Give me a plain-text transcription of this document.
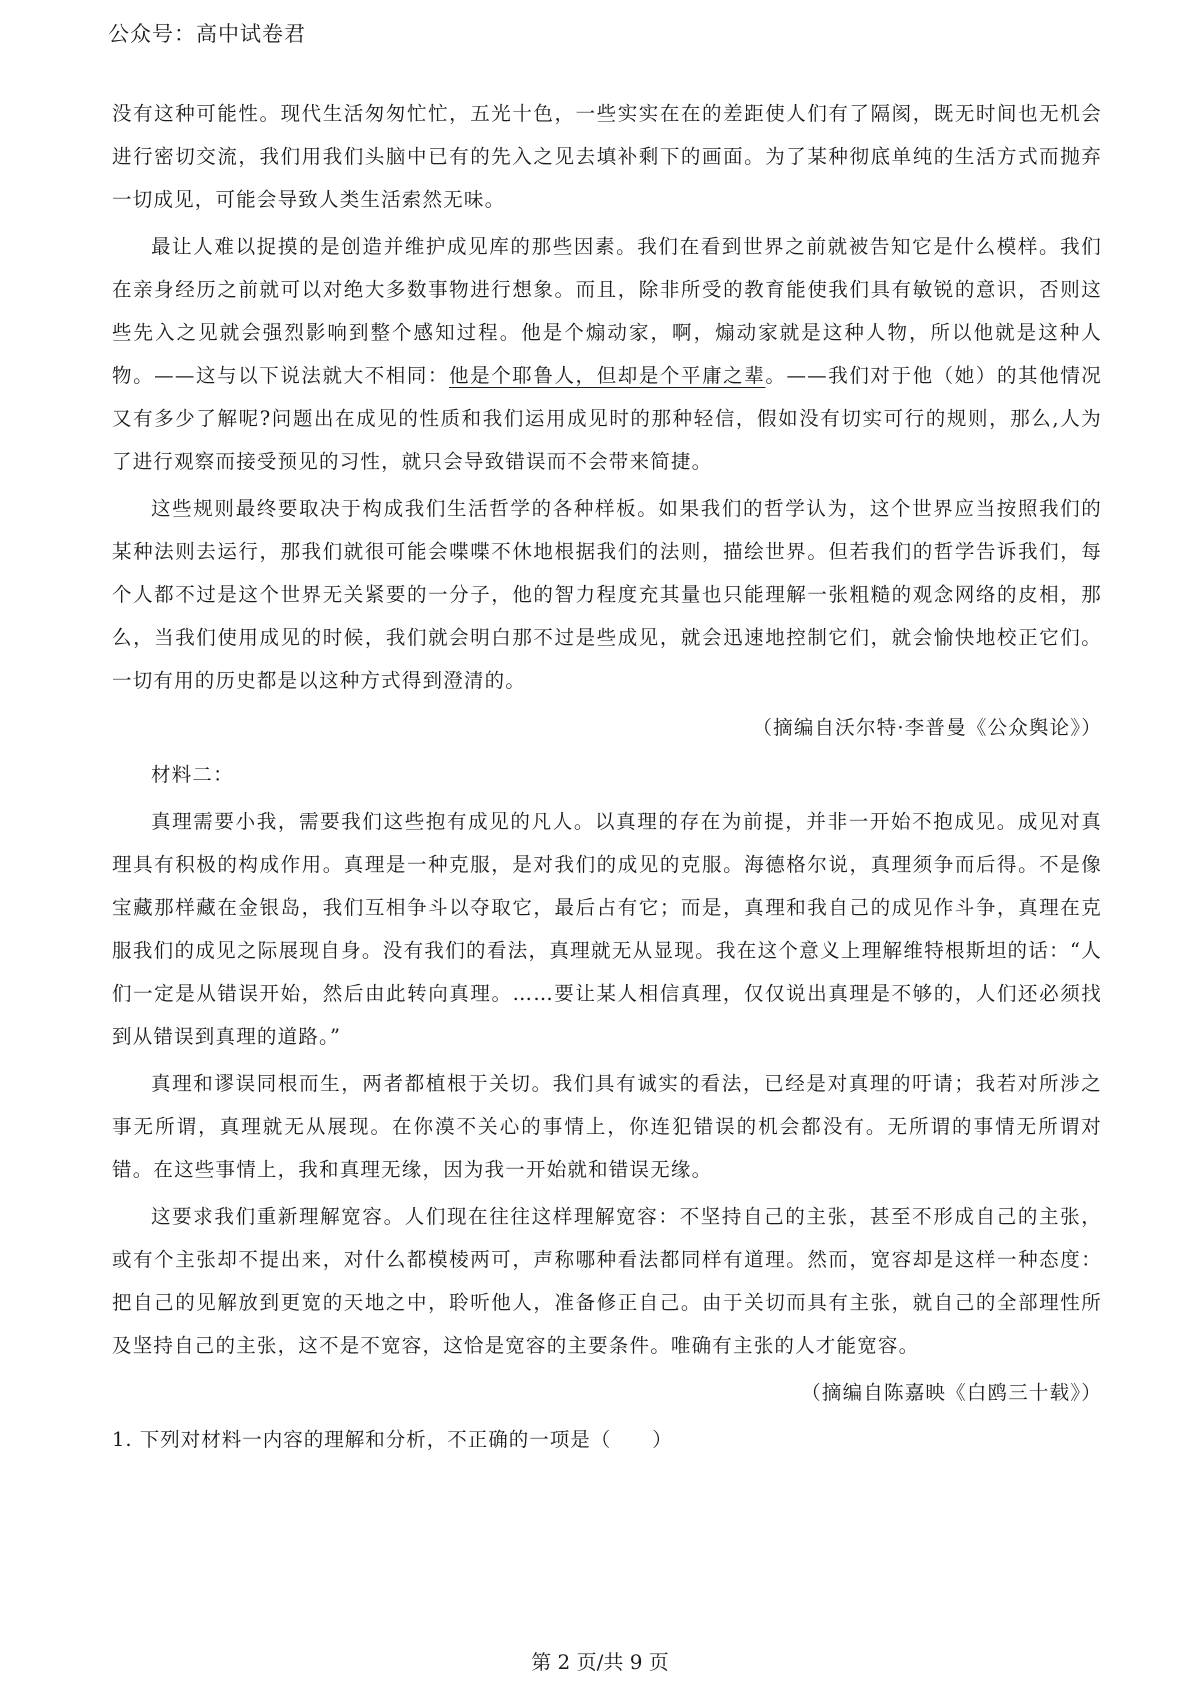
公众号：高中试卷君

没有这种可能性。现代生活匆匆忙忙，五光十色，一些实实在在的差距使人们有了隔阂，既无时间也无机会进行密切交流，我们用我们头脑中已有的先入之见去填补剩下的画面。为了某种彻底单纯的生活方式而抛弃一切成见，可能会导致人类生活索然无味。

最让人难以捉摸的是创造并维护成见库的那些因素。我们在看到世界之前就被告知它是什么模样。我们在亲身经历之前就可以对绝大多数事物进行想象。而且，除非所受的教育能使我们具有敏锐的意识，否则这些先入之见就会强烈影响到整个感知过程。他是个煽动家，啊，煽动家就是这种人物，所以他就是这种人物。——这与以下说法就大不相同：他是个耶鲁人，但却是个平庸之辈。——我们对于他（她）的其他情况又有多少了解呢?问题出在成见的性质和我们运用成见时的那种轻信，假如没有切实可行的规则，那么,人为了进行观察而接受预见的习性，就只会导致错误而不会带来简捷。

这些规则最终要取决于构成我们生活哲学的各种样板。如果我们的哲学认为，这个世界应当按照我们的某种法则去运行，那我们就很可能会喋喋不休地根据我们的法则，描绘世界。但若我们的哲学告诉我们，每个人都不过是这个世界无关紧要的一分子，他的智力程度充其量也只能理解一张粗糙的观念网络的皮相，那么，当我们使用成见的时候，我们就会明白那不过是些成见，就会迅速地控制它们，就会愉快地校正它们。一切有用的历史都是以这种方式得到澄清的。

（摘编自沃尔特·李普曼《公众舆论》）

材料二：

真理需要小我，需要我们这些抱有成见的凡人。以真理的存在为前提，并非一开始不抱成见。成见对真理具有积极的构成作用。真理是一种克服，是对我们的成见的克服。海德格尔说，真理须争而后得。不是像宝藏那样藏在金银岛，我们互相争斗以夺取它，最后占有它；而是，真理和我自己的成见作斗争，真理在克服我们的成见之际展现自身。没有我们的看法，真理就无从显现。我在这个意义上理解维特根斯坦的话：“人们一定是从错误开始，然后由此转向真理。……要让某人相信真理，仅仅说出真理是不够的，人们还必须找到从错误到真理的道路。”

真理和谬误同根而生，两者都植根于关切。我们具有诚实的看法，已经是对真理的吁请；我若对所涉之事无所谓，真理就无从展现。在你漠不关心的事情上，你连犯错误的机会都没有。无所谓的事情无所谓对错。在这些事情上，我和真理无缘，因为我一开始就和错误无缘。

这要求我们重新理解宽容。人们现在往往这样理解宽容：不坚持自己的主张，甚至不形成自己的主张，或有个主张却不提出来，对什么都模棱两可，声称哪种看法都同样有道理。然而，宽容却是这样一种态度：把自己的见解放到更宽的天地之中，聆听他人，准备修正自己。由于关切而具有主张，就自己的全部理性所及坚持自己的主张，这不是不宽容，这恰是宽容的主要条件。唯确有主张的人才能宽容。

（摘编自陈嘉映《白鸥三十载》）

1. 下列对材料一内容的理解和分析，不正确的一项是（　　）

第 2 页/共 9 页
